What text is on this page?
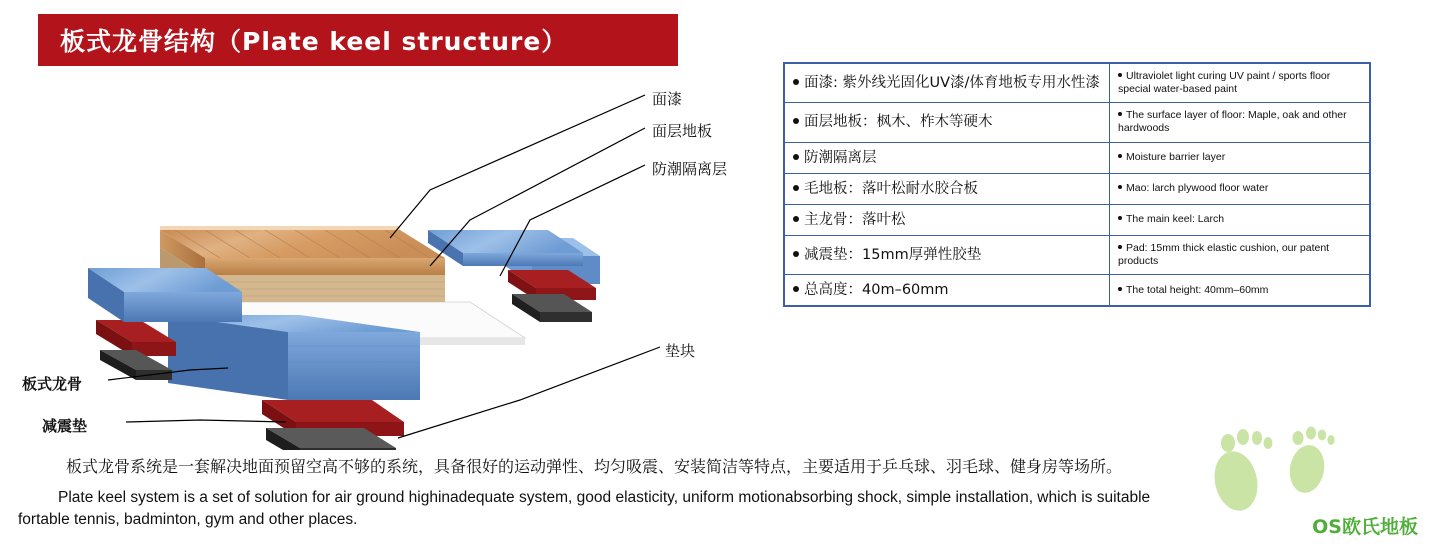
板式龙骨结构（Plate keel structure）
面漆
面层地板
防潮隔离层
垫块
板式龙骨
减震垫
面漆: 紫外线光固化UV漆/体育地板专用水性漆	Ultraviolet light curing UV paint / sports floor special water-based paint
面层地板：枫木、柞木等硬木	The surface layer of floor: Maple, oak and other hardwoods
防潮隔离层	Moisture barrier layer
毛地板：落叶松耐水胶合板	Mao: larch plywood floor water
主龙骨：落叶松	The main keel: Larch
减震垫：15mm厚弹性胶垫	Pad: 15mm thick elastic cushion, our patent products
总高度：40m–60mm	The total height: 40mm–60mm
板式龙骨系统是一套解决地面预留空高不够的系统，具备很好的运动弹性、均匀吸震、安装简洁等特点，主要适用于乒乓球、羽毛球、健身房等场所。
Plate keel system is a set of solution for air ground highinadequate system, good elasticity, uniform motionabsorbing shock, simple installation, which is suitable
fortable tennis, badminton, gym and other places.	OS欧氏地板
